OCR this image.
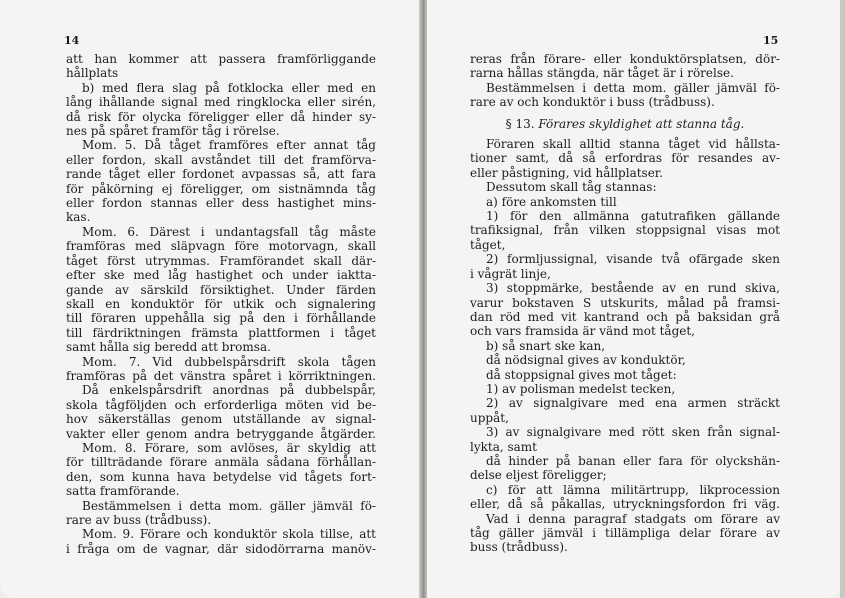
14
att han kommer att passera framförliggande
hållplats
b) med flera slag på fotklocka eller med en
lång ihållande signal med ringklocka eller sirén,
då risk för olycka föreligger eller då hinder sy-
nes på spåret framför tåg i rörelse.
Mom. 5. Då tåget framföres efter annat tåg
eller fordon, skall avståndet till det framförva-
rande tåget eller fordonet avpassas så, att fara
för påkörning ej föreligger, om sistnämnda tåg
eller fordon stannas eller dess hastighet mins-
kas.
Mom. 6. Därest i undantagsfall tåg måste
framföras med släpvagn före motorvagn, skall
tåget först utrymmas. Framförandet skall där-
efter ske med låg hastighet och under iaktta-
gande av särskild försiktighet. Under färden
skall en konduktör för utkik och signalering
till föraren uppehålla sig på den i förhållande
till färdriktningen främsta plattformen i tåget
samt hålla sig beredd att bromsa.
Mom. 7. Vid dubbelspårsdrift skola tågen
framföras på det vänstra spåret i körriktningen.
Då enkelspårsdrift anordnas på dubbelspår,
skola tågföljden och erforderliga möten vid be-
hov säkerställas genom utställande av signal-
vakter eller genom andra betryggande åtgärder.
Mom. 8. Förare, som avlöses, är skyldig att
för tillträdande förare anmäla sådana förhållan-
den, som kunna hava betydelse vid tågets fort-
satta framförande.
Bestämmelsen i detta mom. gäller jämväl fö-
rare av buss (trådbuss).
Mom. 9. Förare och konduktör skola tillse, att
i fråga om de vagnar, där sidodörrarna manöv-
15
reras från förare- eller konduktörsplatsen, dör-
rarna hållas stängda, när tåget är i rörelse.
Bestämmelsen i detta mom. gäller jämväl fö-
rare av och konduktör i buss (trådbuss).
§ 13. Förares skyldighet att stanna tåg.
Föraren skall alltid stanna tåget vid hållsta-
tioner samt, då så erfordras för resandes av-
eller påstigning, vid hållplatser.
Dessutom skall tåg stannas:
a) före ankomsten till
1) för den allmänna gatutrafiken gällande
trafiksignal, från vilken stoppsignal visas mot
tåget,
2) formljussignal, visande två ofärgade sken
i vågrät linje,
3) stoppmärke, bestående av en rund skiva,
varur bokstaven S utskurits, målad på framsi-
dan röd med vit kantrand och på baksidan grå
och vars framsida är vänd mot tåget,
b) så snart ske kan,
då nödsignal gives av konduktör,
då stoppsignal gives mot tåget:
1) av polisman medelst tecken,
2) av signalgivare med ena armen sträckt
uppåt,
3) av signalgivare med rött sken från signal-
lykta, samt
då hinder på banan eller fara för olyckshän-
delse eljest föreligger;
c) för att lämna militärtrupp, likprocession
eller, då så påkallas, utryckningsfordon fri väg.
Vad i denna paragraf stadgats om förare av
tåg gäller jämväl i tillämpliga delar förare av
buss (trådbuss).
